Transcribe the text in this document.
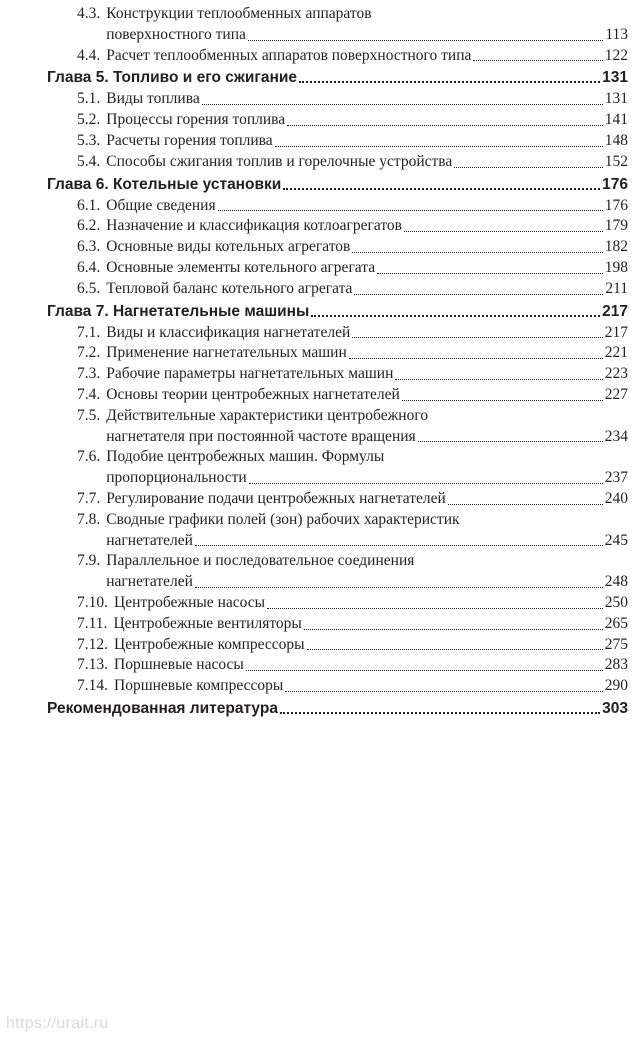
4.3. Конструкции теплообменных аппаратов
поверхностного типа	113
4.4. Расчет теплообменных аппаратов поверхностного типа	122
Глава 5. Топливо и его сжигание	131
5.1. Виды топлива	131
5.2. Процессы горения топлива	141
5.3. Расчеты горения топлива	148
5.4. Способы сжигания топлив и горелочные устройства	152
Глава 6. Котельные установки	176
6.1. Общие сведения	176
6.2. Назначение и классификация котлоагрегатов	179
6.3. Основные виды котельных агрегатов	182
6.4. Основные элементы котельного агрегата	198
6.5. Тепловой баланс котельного агрегата	211
Глава 7. Нагнетательные машины	217
7.1. Виды и классификация нагнетателей	217
7.2. Применение нагнетательных машин	221
7.3. Рабочие параметры нагнетательных машин	223
7.4. Основы теории центробежных нагнетателей	227
7.5. Действительные характеристики центробежного
нагнетателя при постоянной частоте вращения	234
7.6. Подобие центробежных машин. Формулы
пропорциональности	237
7.7. Регулирование подачи центробежных нагнетателей	240
7.8. Сводные графики полей (зон) рабочих характеристик
нагнетателей	245
7.9. Параллельное и последовательное соединения
нагнетателей	248
7.10. Центробежные насосы	250
7.11. Центробежные вентиляторы	265
7.12. Центробежные компрессоры	275
7.13. Поршневые насосы	283
7.14. Поршневые компрессоры	290
Рекомендованная литература	303
https://urait.ru
